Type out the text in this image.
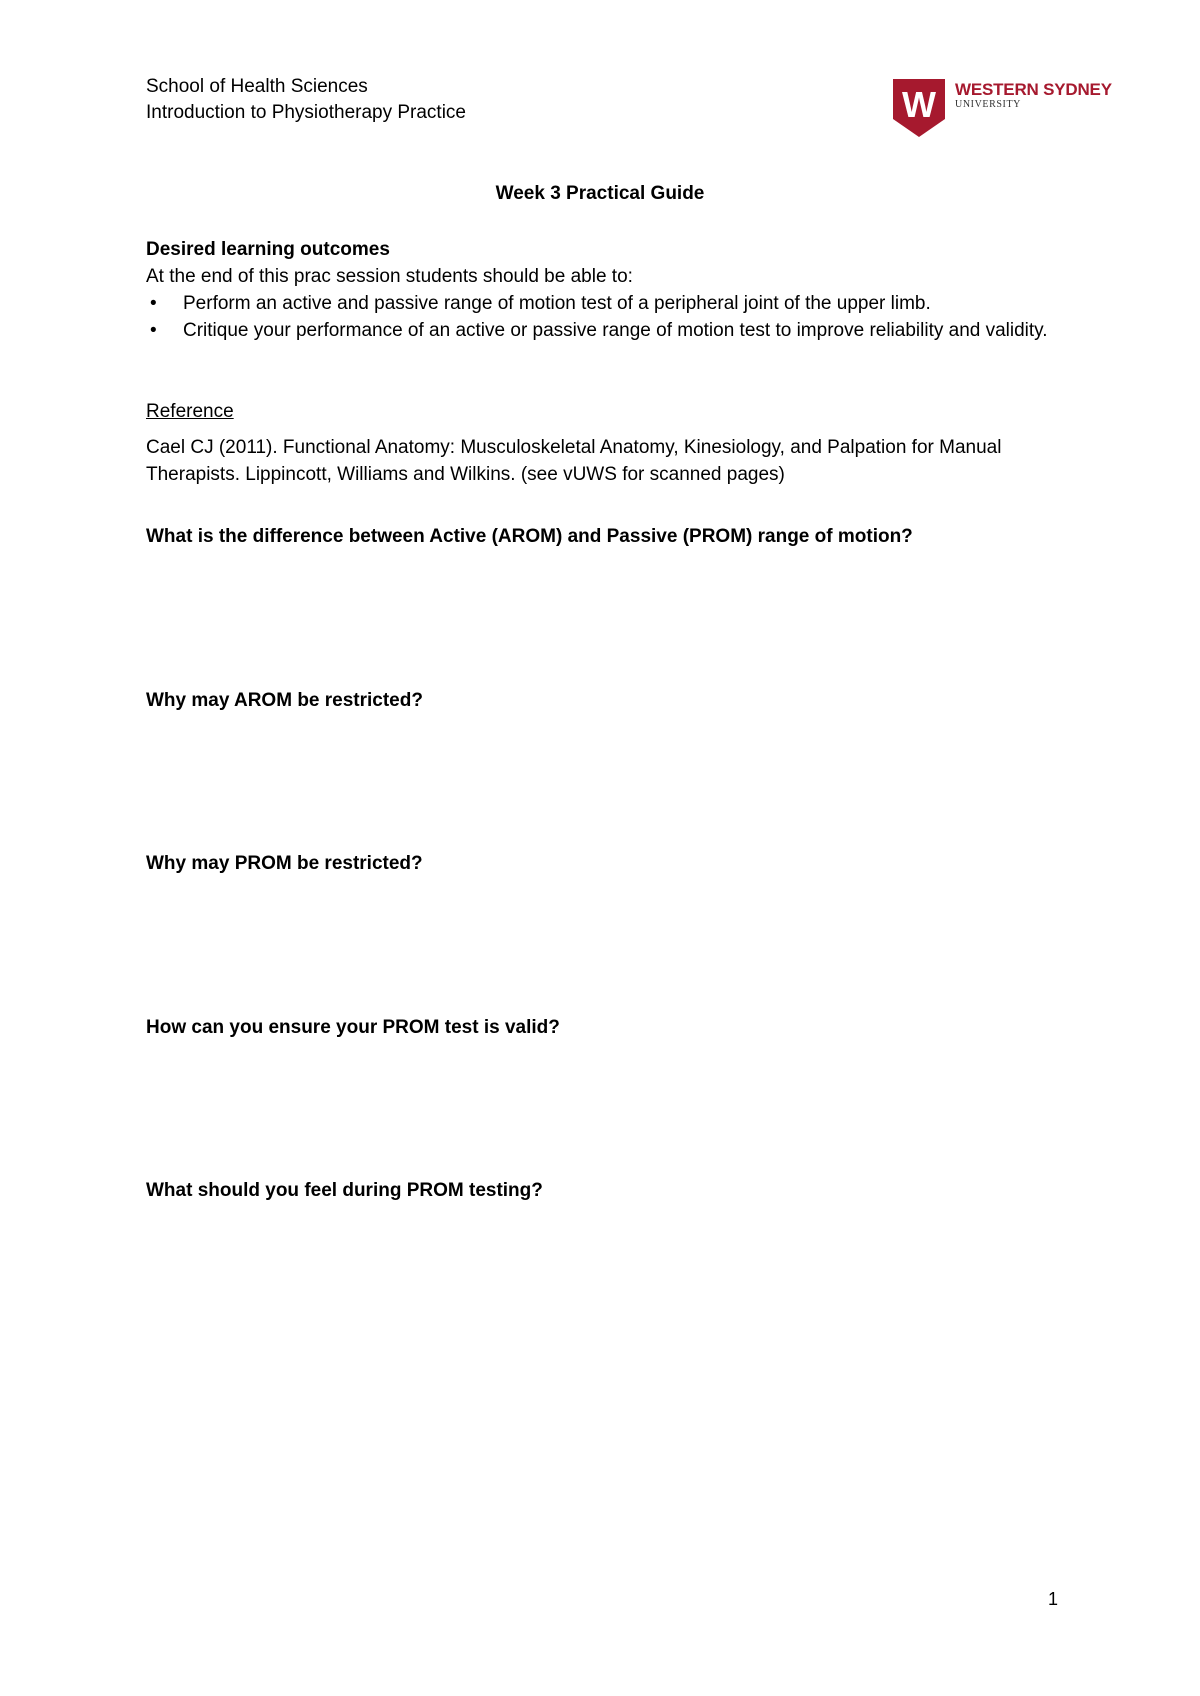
School of Health Sciences
Introduction to Physiotherapy Practice	W WESTERN SYDNEY
UNIVERSITY
Week 3 Practical Guide
Desired learning outcomes
At the end of this prac session students should be able to:
• Perform an active and passive range of motion test of a peripheral joint of the upper limb.
• Critique your performance of an active or passive range of motion test to improve reliability and validity.
Reference
Cael CJ (2011). Functional Anatomy: Musculoskeletal Anatomy, Kinesiology, and Palpation for Manual Therapists. Lippincott, Williams and Wilkins. (see vUWS for scanned pages)
What is the difference between Active (AROM) and Passive (PROM) range of motion?
Why may AROM be restricted?
Why may PROM be restricted?
How can you ensure your PROM test is valid?
What should you feel during PROM testing?
1
